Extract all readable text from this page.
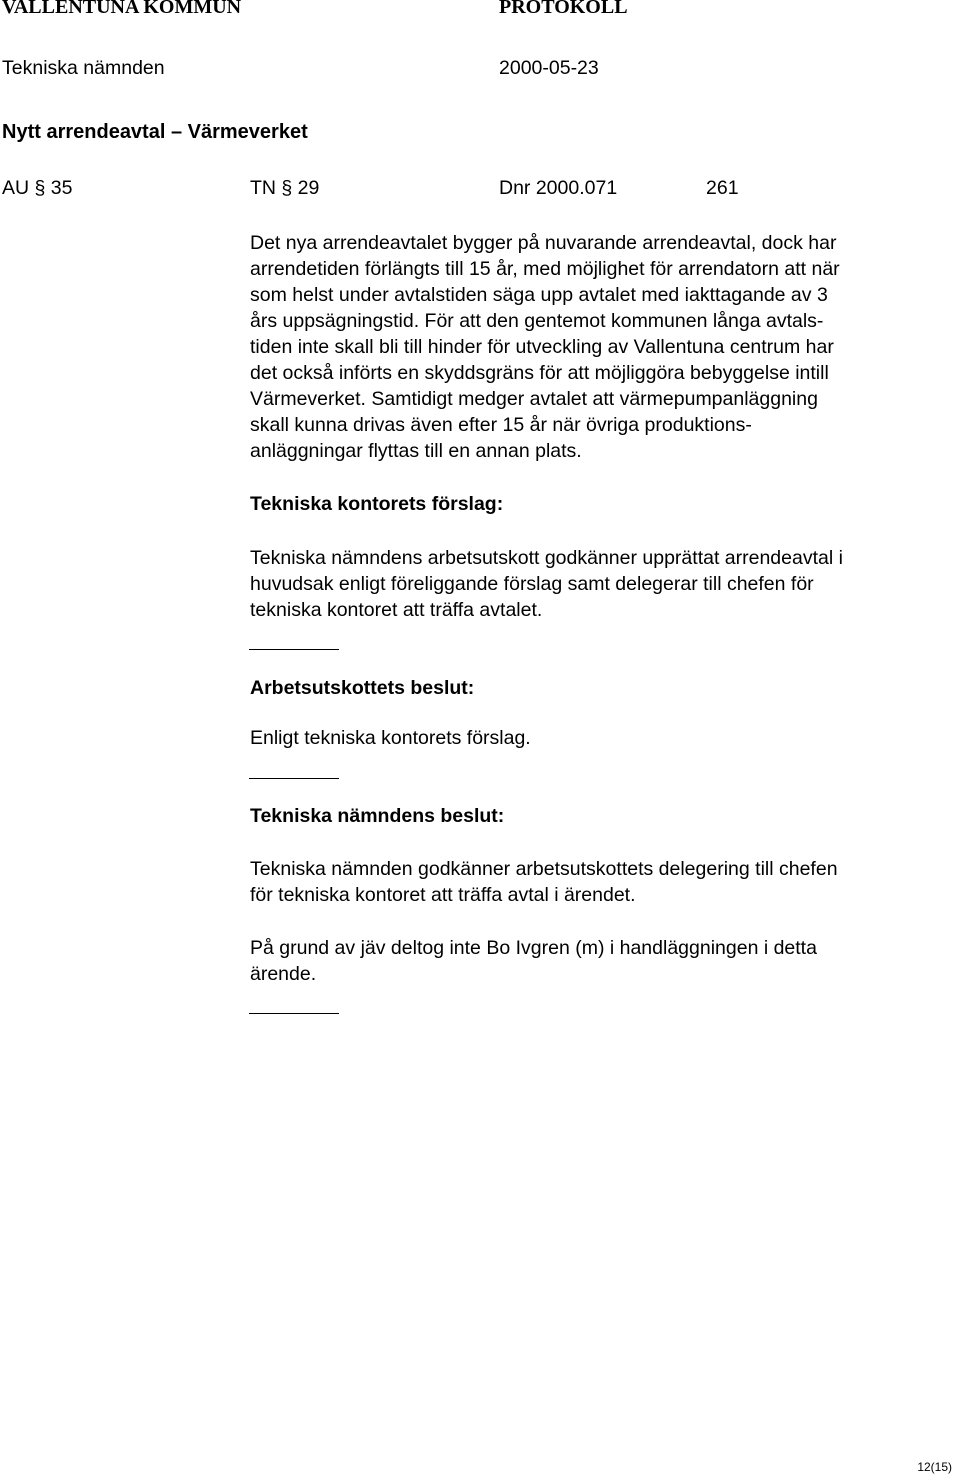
VALLENTUNA KOMMUN	PROTOKOLL
Tekniska nämnden	2000-05-23
Nytt arrendeavtal – Värmeverket
AU § 35	TN § 29	Dnr 2000.071	261
Det nya arrendeavtalet bygger på nuvarande arrendeavtal, dock har
arrendetiden förlängts till 15 år, med möjlighet för arrendatorn att när
som helst under avtalstiden säga upp avtalet med iakttagande av 3
års uppsägningstid. För att den gentemot kommunen långa avtals-
tiden inte skall bli till hinder för utveckling av Vallentuna centrum har
det också införts en skyddsgräns för att möjliggöra bebyggelse intill
Värmeverket. Samtidigt medger avtalet att värmepumpanläggning
skall kunna drivas även efter 15 år när övriga produktions-
anläggningar flyttas till en annan plats.
Tekniska kontorets förslag:
Tekniska nämndens arbetsutskott godkänner upprättat arrendeavtal i
huvudsak enligt föreliggande förslag samt delegerar till chefen för
tekniska kontoret att träffa avtalet.
Arbetsutskottets beslut:
Enligt tekniska kontorets förslag.
Tekniska nämndens beslut:
Tekniska nämnden godkänner arbetsutskottets delegering till chefen
för tekniska kontoret att träffa avtal i ärendet.
På grund av jäv deltog inte Bo Ivgren (m) i handläggningen i detta
ärende.
12(15)
